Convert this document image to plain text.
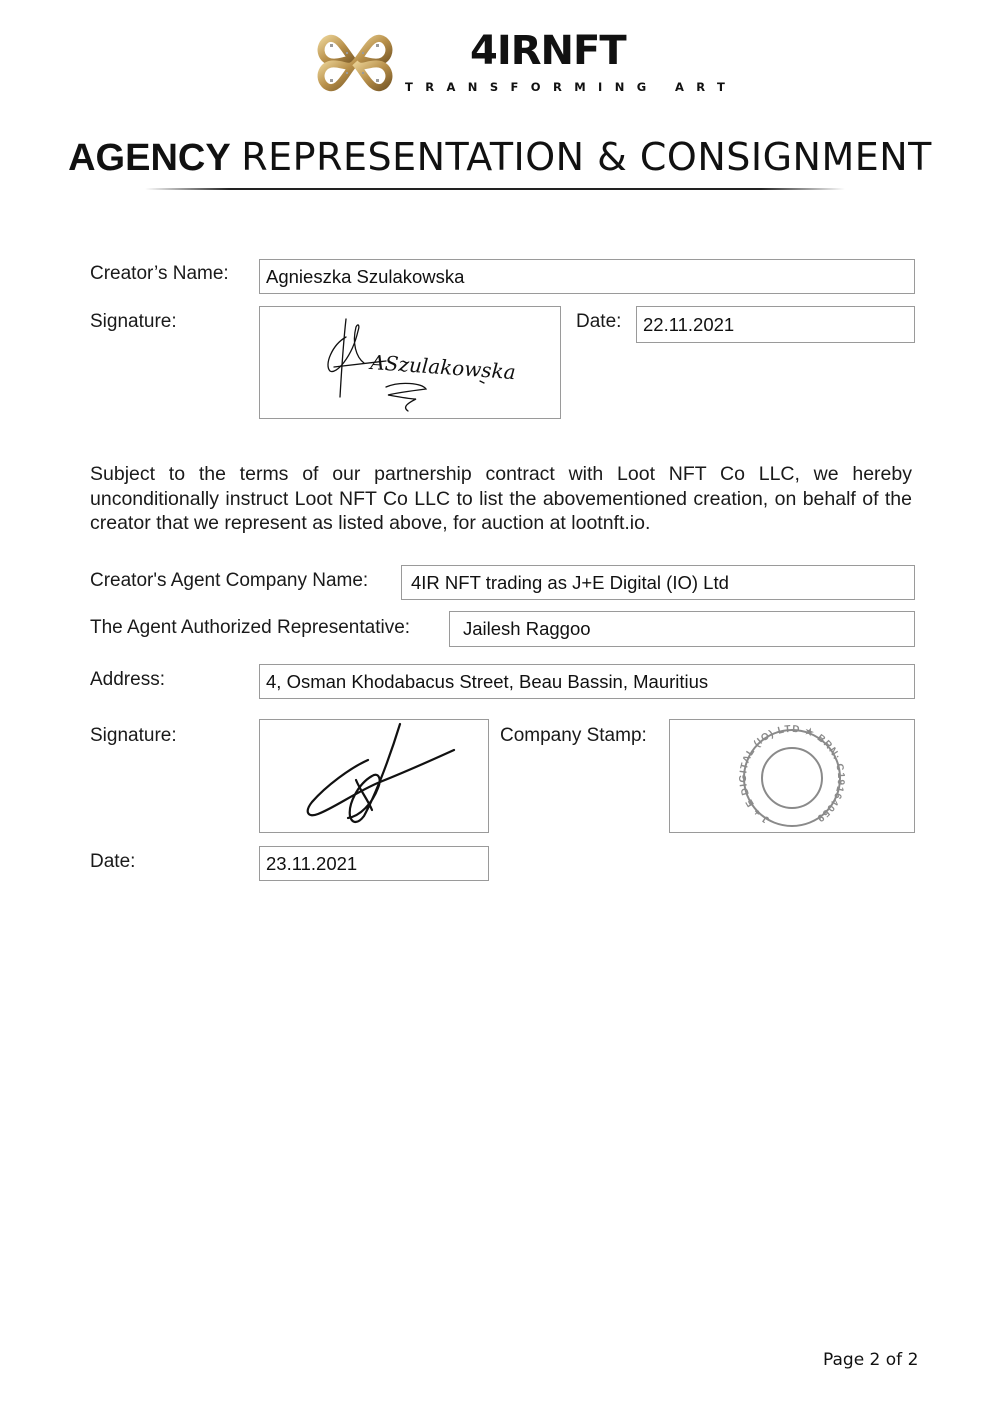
4IRNFT
TRANSFORMING ART
AGENCY REPRESENTATION & CONSIGNMENT
Creator’s Name:	Agnieszka Szulakowska
Signature:
ASzulakowska
Date:	22.11.2021
Subject to the terms of our partnership contract with Loot NFT Co LLC, we hereby unconditionally instruct Loot NFT Co LLC to list the abovementioned creation, on behalf of the creator that we represent as listed above, for auction at lootnft.io.
Creator's Agent Company Name:	4IR NFT trading as J+E Digital (IO) Ltd
The Agent Authorized Representative:	Jailesh Raggoo
Address:	4, Osman Khodabacus Street, Beau Bassin, Mauritius
Signature:	Company Stamp:
J + E DIGITAL (IO) LTD ★ BRN: C19164059
Date:	23.11.2021
Page 2 of 2
